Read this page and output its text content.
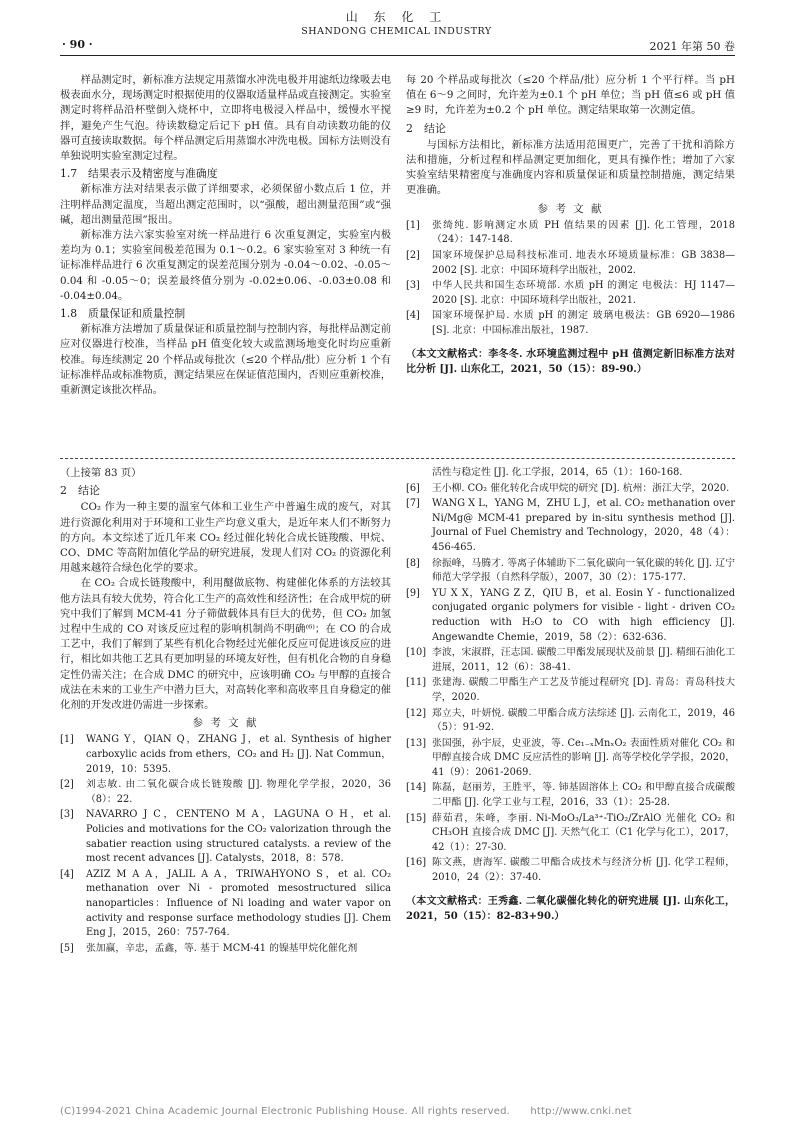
山 东 化 工
SHANDONG CHEMICAL INDUSTRY
· 90 ·	2021 年第 50 卷

样品测定时，新标准方法规定用蒸馏水冲洗电极并用滤纸边缘吸去电极表面水分，现场测定时根据使用的仪器取适量样品或直接测定。实验室测定时将样品沿杯壁倒入烧杯中，立即将电极浸入样品中，缓慢水平搅拌，避免产生气泡。待读数稳定后记下 pH 值。具有自动读数功能的仪器可直接读取数据。每个样品测定后用蒸馏水冲洗电极。国标方法则没有单独说明实验室测定过程。

1.7　结果表示及精密度与准确度

新标准方法对结果表示做了详细要求，必须保留小数点后 1 位，并注明样品测定温度，当超出测定范围时，以“强酸，超出测量范围”或“强碱，超出测量范围”报出。

新标准方法六家实验室对统一样品进行 6 次重复测定，实验室内极差均为 0.1；实验室间极差范围为 0.1～0.2。6 家实验室对 3 种统一有证标准样品进行 6 次重复测定的误差范围分别为 -0.04～0.02、-0.05～0.04 和 -0.05～0；误差最终值分别为 -0.02±0.06、-0.03±0.08 和 -0.04±0.04。

1.8　质量保证和质量控制

新标准方法增加了质量保证和质量控制与控制内容，每批样品测定前应对仪器进行校准，当样品 pH 值变化较大或监测场地变化时均应重新校准。每连续测定 20 个样品或每批次（≤20 个样品/批）应分析 1 个有证标准样品或标准物质，测定结果应在保证值范围内，否则应重新校准，重新测定该批次样品。

每 20 个样品或每批次（≤20 个样品/批）应分析 1 个平行样。当 pH 值在 6～9 之间时，允许差为±0.1 个 pH 单位；当 pH 值≤6 或 pH 值≥9 时，允许差为±0.2 个 pH 单位。测定结果取第一次测定值。

2　结论

与国标方法相比，新标准方法适用范围更广，完善了干扰和消除方法和措施，分析过程和样品测定更加细化，更具有操作性；增加了六家实验室结果精密度与准确度内容和质量保证和质量控制措施，测定结果更准确。

参 考 文 献
[1]	张绮纯. 影响测定水质 PH 值结果的因素 [J]. 化工管理，2018（24）：147-148.
[2]	国家环境保护总局科技标准司. 地表水环境质量标准：GB 3838—2002 [S]. 北京：中国环境科学出版社，2002.
[3]	中华人民共和国生态环境部. 水质 pH 的测定 电极法：HJ 1147—2020 [S]. 北京：中国环境科学出版社，2021.
[4]	国家环境保护局. 水质 pH 的测定 玻璃电极法：GB 6920—1986 [S]. 北京：中国标准出版社，1987.
（本文文献格式：李冬冬. 水环境监测过程中 pH 值测定新旧标准方法对比分析 [J]. 山东化工，2021，50（15）：89-90.）

（上接第 83 页）

2　结论

CO₂ 作为一种主要的温室气体和工业生产中普遍生成的废气，对其进行资源化利用对于环境和工业生产均意义重大，是近年来人们不断努力的方向。本文综述了近几年来 CO₂ 经过催化转化合成长链羧酸、甲烷、CO、DMC 等高附加值化学品的研究进展，发现人们对 CO₂ 的资源化利用越来越符合绿色化学的要求。

在 CO₂ 合成长链羧酸中，利用醚做底物、构建催化体系的方法较其他方法具有较大优势，符合化工生产的高效性和经济性；在合成甲烷的研究中我们了解到 MCM-41 分子筛做载体具有巨大的优势，但 CO₂ 加氢过程中生成的 CO 对该反应过程的影响机制尚不明确⁽⁶⁾；在 CO 的合成工艺中，我们了解到了某些有机化合物经过光催化反应可促进该反应的进行，相比如共他工艺具有更加明显的环境友好性，但有机化合物的自身稳定性仍需关注；在合成 DMC 的研究中，应该明确 CO₂ 与甲醇的直接合成法在未来的工业生产中潜力巨大，对高转化率和高收率且自身稳定的催化剂的开发改进仍需进一步探索。

参 考 文 献
[1]	WANG Y，QIAN Q，ZHANG J，et al. Synthesis of higher carboxylic acids from ethers，CO₂ and H₂ [J]. Nat Commun，2019，10：5395.
[2]	刘志敏. 由二氧化碳合成长链羧酸 [J]. 物理化学学报，2020，36（8）：22.
[3]	NAVARRO J C，CENTENO M A，LAGUNA O H，et al. Policies and motivations for the CO₂ valorization through the sabatier reaction using structured catalysts. a review of the most recent advances [J]. Catalysts，2018，8：578.
[4]	AZIZ M A A，JALIL A A，TRIWAHYONO S，et al. CO₂ methanation over Ni - promoted mesostructured silica nanoparticles：Influence of Ni loading and water vapor on activity and response surface methodology studies [J]. Chem Eng J，2015，260：757-764.
[5]	张加赢，辛忠，孟鑫，等. 基于 MCM-41 的镍基甲烷化催化剂
活性与稳定性 [J]. 化工学报，2014，65（1）：160-168.
[6]	王小柳. CO₂ 催化转化合成甲烷的研究 [D]. 杭州：浙江大学，2020.
[7]	WANG X L，YANG M，ZHU L J，et al. CO₂ methanation over Ni/Mg@ MCM-41 prepared by in-situ synthesis method [J]. Journal of Fuel Chemistry and Technology，2020，48（4）：456-465.
[8]	徐振峰，马腾才. 等离子体辅助下二氧化碳向一氧化碳的转化 [J]. 辽宁师范大学学报（自然科学版），2007，30（2）：175-177.
[9]	YU X X，YANG Z Z，QIU B，et al. Eosin Y - functionalized conjugated organic polymers for visible - light - driven CO₂ reduction with H₂O to CO with high efficiency [J]. Angewandte Chemie，2019，58（2）：632-636.
[10] 李波，宋淑群，汪志国. 碳酸二甲酯发展现状及前景 [J]. 精细石油化工进展，2011，12（6）：38-41.
[11] 张建海. 碳酸二甲酯生产工艺及节能过程研究 [D]. 青岛：青岛科技大学，2020.
[12] 郑立夫，叶妍悦. 碳酸二甲酯合成方法综述 [J]. 云南化工，2019，46（5）：91-92.
[13] 张国强，孙宇辰，史亚波，等. Ce₁₋ₓMnₓO₂ 表面性质对催化 CO₂ 和甲醇直接合成 DMC 反应活性的影响 [J]. 高等学校化学学报，2020，41（9）：2061-2069.
[14] 陈磊，赵丽芳，王胜平，等. 铈基固溶体上 CO₂ 和甲醇直接合成碳酸二甲酯 [J]. 化学工业与工程，2016，33（1）：25-28.
[15] 薛茹君，朱峰，李丽. Ni-MoO₃/La³⁺-TiO₂/ZrAlO 光催化 CO₂ 和 CH₃OH 直接合成 DMC [J]. 天然气化工（C1 化学与化工），2017，42（1）：27-30.
[16] 陈文燕，唐海军. 碳酸二甲酯合成技术与经济分析 [J]. 化学工程师，2010，24（2）：37-40.
（本文文献格式：王秀鑫. 二氧化碳催化转化的研究进展 [J]. 山东化工，2021，50（15）：82-83+90.）
(C)1994-2021 China Academic Journal Electronic Publishing House. All rights reserved.　　http://www.cnki.net
